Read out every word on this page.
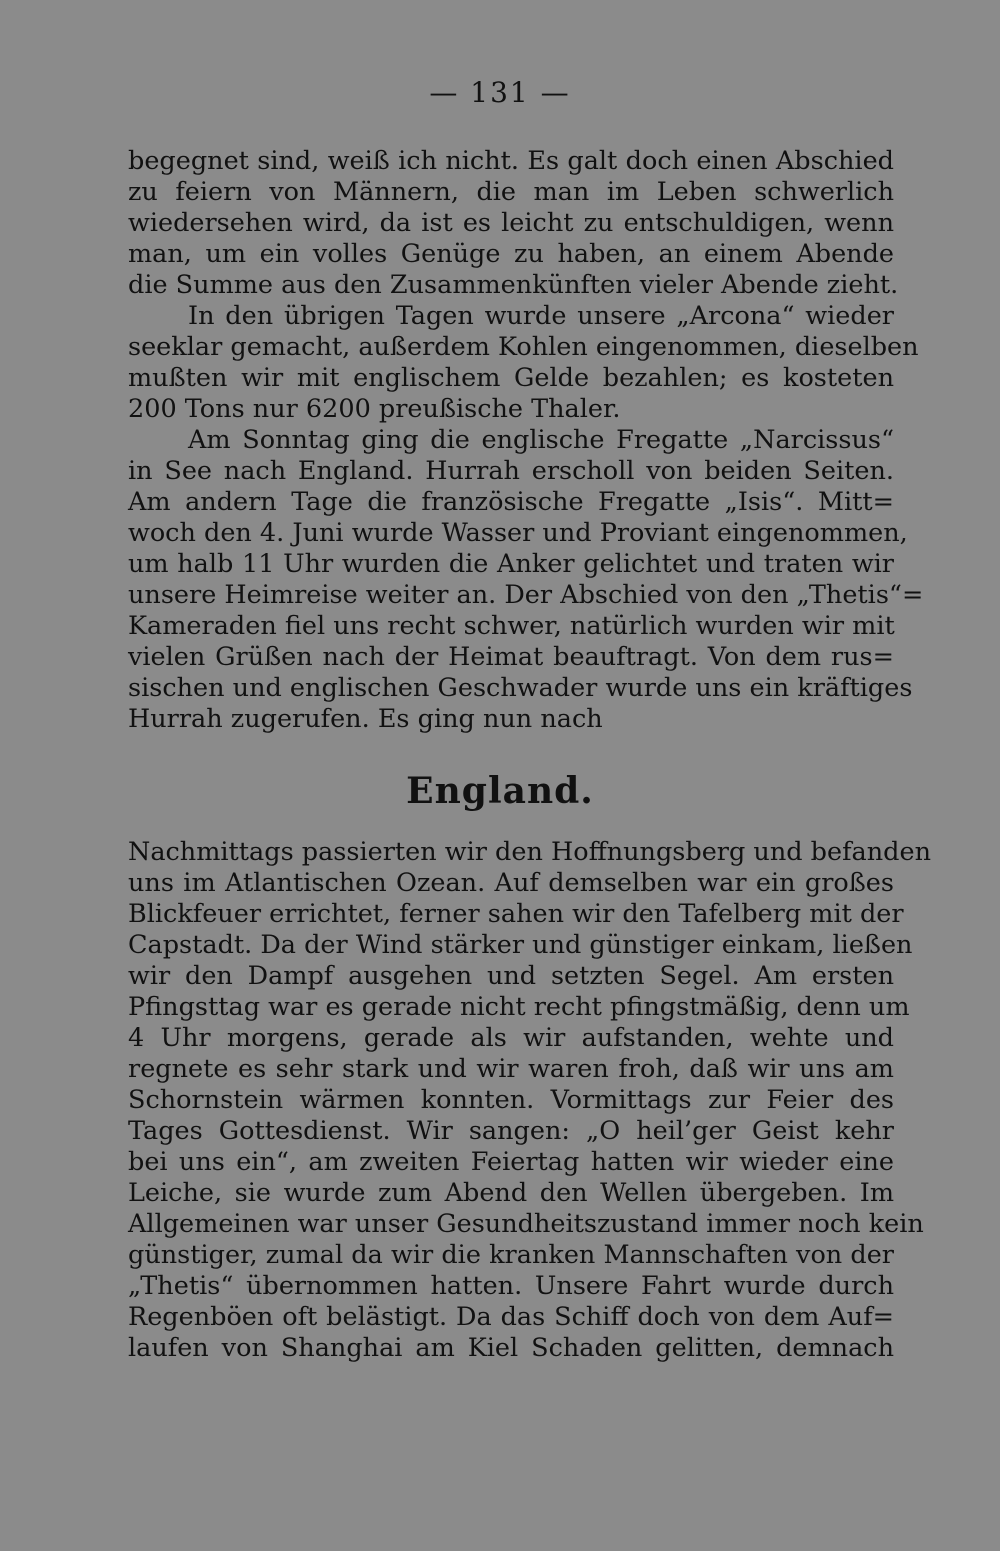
— 131 —
begegnet sind, weiß ich nicht. Es galt doch einen Abschied
zu feiern von Männern, die man im Leben schwerlich
wiedersehen wird, da ist es leicht zu entschuldigen, wenn
man, um ein volles Genüge zu haben, an einem Abende
die Summe aus den Zusammenkünften vieler Abende zieht.
In den übrigen Tagen wurde unsere „Arcona“ wieder
seeklar gemacht, außerdem Kohlen eingenommen, dieselben
mußten wir mit englischem Gelde bezahlen; es kosteten
200 Tons nur 6200 preußische Thaler.
Am Sonntag ging die englische Fregatte „Narcissus“
in See nach England. Hurrah erscholl von beiden Seiten.
Am andern Tage die französische Fregatte „Isis“. Mitt=
woch den 4. Juni wurde Wasser und Proviant eingenommen,
um halb 11 Uhr wurden die Anker gelichtet und traten wir
unsere Heimreise weiter an. Der Abschied von den „Thetis“=
Kameraden fiel uns recht schwer, natürlich wurden wir mit
vielen Grüßen nach der Heimat beauftragt. Von dem rus=
sischen und englischen Geschwader wurde uns ein kräftiges
Hurrah zugerufen. Es ging nun nach
England.
Nachmittags passierten wir den Hoffnungsberg und befanden
uns im Atlantischen Ozean. Auf demselben war ein großes
Blickfeuer errichtet, ferner sahen wir den Tafelberg mit der
Capstadt. Da der Wind stärker und günstiger einkam, ließen
wir den Dampf ausgehen und setzten Segel. Am ersten
Pfingsttag war es gerade nicht recht pfingstmäßig, denn um
4 Uhr morgens, gerade als wir aufstanden, wehte und
regnete es sehr stark und wir waren froh, daß wir uns am
Schornstein wärmen konnten. Vormittags zur Feier des
Tages Gottesdienst. Wir sangen: „O heil’ger Geist kehr
bei uns ein“, am zweiten Feiertag hatten wir wieder eine
Leiche, sie wurde zum Abend den Wellen übergeben. Im
Allgemeinen war unser Gesundheitszustand immer noch kein
günstiger, zumal da wir die kranken Mannschaften von der
„Thetis“ übernommen hatten. Unsere Fahrt wurde durch
Regenböen oft belästigt. Da das Schiff doch von dem Auf=
laufen von Shanghai am Kiel Schaden gelitten, demnach
